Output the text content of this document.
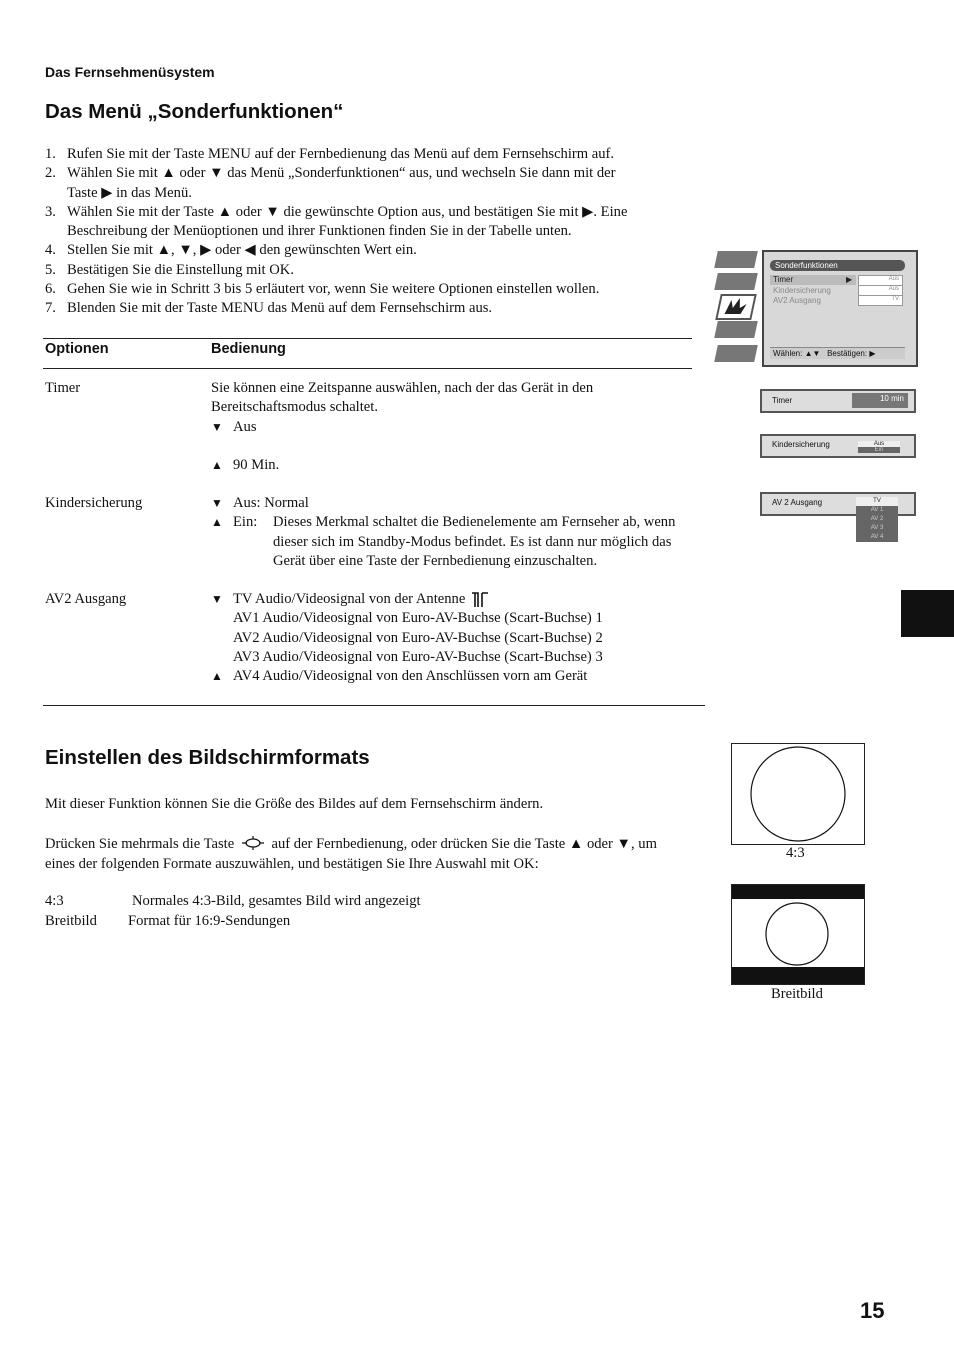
Das Fernsehmenüsystem
Das Menü „Sonderfunktionen“
1. Rufen Sie mit der Taste MENU auf der Fernbedienung das Menü auf dem Fernsehschirm auf.
2. Wählen Sie mit ▲ oder ▼ das Menü „Sonderfunktionen“ aus, und wechseln Sie dann mit der
Taste ▶ in das Menü.
3. Wählen Sie mit der Taste ▲ oder ▼ die gewünschte Option aus, und bestätigen Sie mit ▶. Eine
Beschreibung der Menüoptionen und ihrer Funktionen finden Sie in der Tabelle unten.
4. Stellen Sie mit ▲, ▼, ▶ oder ◀ den gewünschten Wert ein.
5. Bestätigen Sie die Einstellung mit OK.
6. Gehen Sie wie in Schritt 3 bis 5 erläutert vor, wenn Sie weitere Optionen einstellen wollen.
7. Blenden Sie mit der Taste MENU das Menü auf dem Fernsehschirm aus.
Optionen	Bedienung
Timer	Sie können eine Zeitspanne auswählen, nach der das Gerät in den
Bereitschaftsmodus schaltet.
▼ Aus
▲ 90 Min.
Kindersicherung	▼ Aus: Normal
▲ Ein:	Dieses Merkmal schaltet die Bedienelemente am Fernseher ab, wenn
dieser sich im Standby-Modus befindet. Es ist dann nur möglich das
Gerät über eine Taste der Fernbedienung einzuschalten.
AV2 Ausgang	▼ TV Audio/Videosignal von der Antenne
AV1 Audio/Videosignal von Euro-AV-Buchse (Scart-Buchse) 1
AV2 Audio/Videosignal von Euro-AV-Buchse (Scart-Buchse) 2
AV3 Audio/Videosignal von Euro-AV-Buchse (Scart-Buchse) 3
▲ AV4 Audio/Videosignal von den Anschlüssen vorn am Gerät
Sonderfunktionen
Timer	▶
Kindersicherung
AV2 Ausgang
Aus
Aus
TV
Wählen: ▲▼ Bestätigen: ▶
Timer	10 min
Kindersicherung	Aus
Ein
AV 2 Ausgang	TV
AV 1
AV 2
AV 3
AV 4
Einstellen des Bildschirmformats
Mit dieser Funktion können Sie die Größe des Bildes auf dem Fernsehschirm ändern.
Drücken Sie mehrmals die Taste	auf der Fernbedienung, oder drücken Sie die Taste ▲ oder ▼, um
eines der folgenden Formate auszuwählen, und bestätigen Sie Ihre Auswahl mit OK:
4:3	Normales 4:3-Bild, gesamtes Bild wird angezeigt
Breitbild Format für 16:9-Sendungen
4:3
Breitbild
15
